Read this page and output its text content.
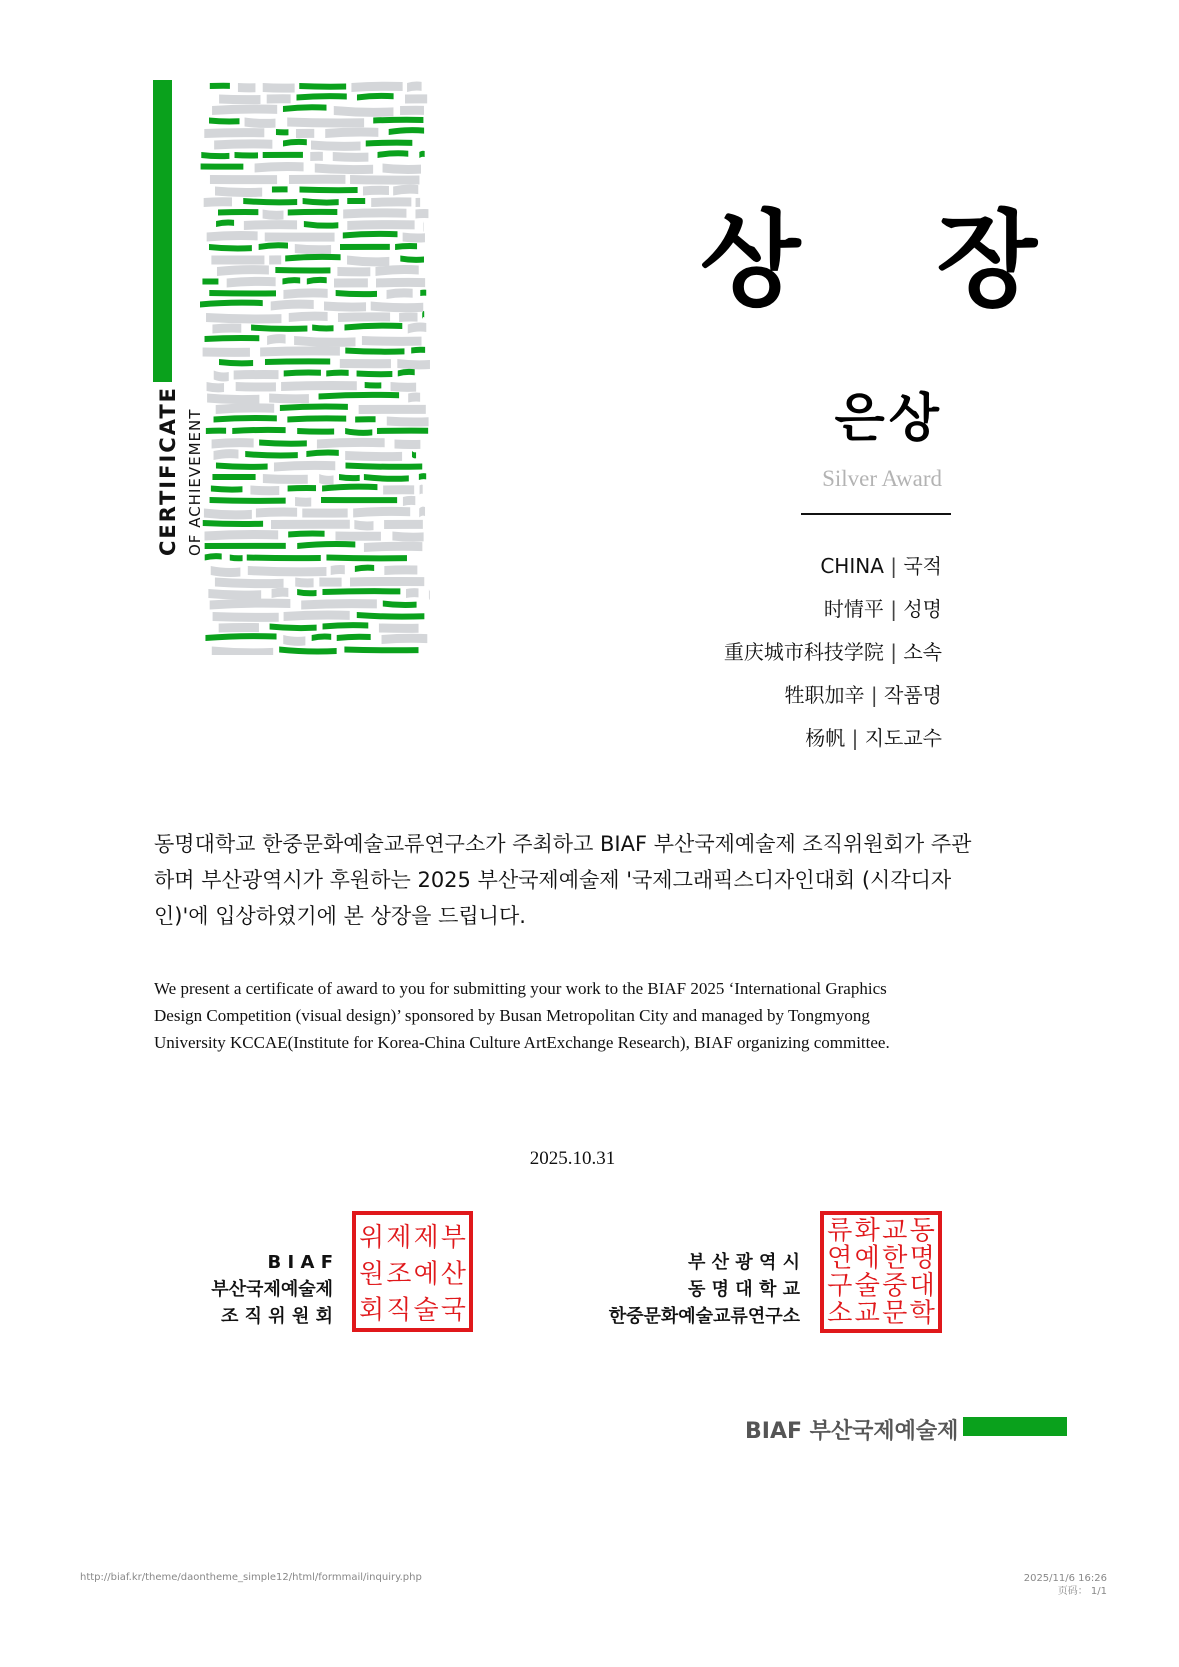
CERTIFICATE OF ACHIEVEMENT
상 장
은상
Silver Award
CHINA | 국적
时情平 | 성명
重庆城市科技学院 | 소속
牲职加辛 | 작품명
杨帆 | 지도교수
동명대학교 한중문화예술교류연구소가 주최하고 BIAF 부산국제예술제 조직위원회가 주관하며 부산광역시가 후원하는 2025 부산국제예술제 '국제그래픽스디자인대회 (시각디자인)'에 입상하였기에 본 상장을 드립니다.
We present a certificate of award to you for submitting your work to the BIAF 2025 ‘International Graphics Design Competition (visual design)’ sponsored by Busan Metropolitan City and managed by Tongmyong University KCCAE(Institute for Korea-China Culture ArtExchange Research), BIAF organizing committee.
2025.10.31
B I A F
부산국제예술제
조 직 위 원 회
부
산
국
제
예
술
제
조
직
위
원
회
부 산 광 역 시
동 명 대 학 교
한중문화예술교류연구소
동
명
대
학
교
한
중
문
화
예
술
교
류
연
구
소
BIAF 부산국제예술제
http://biaf.kr/theme/daontheme_simple12/html/formmail/inquiry.php	2025/11/6 16:26
页码： 1/1
